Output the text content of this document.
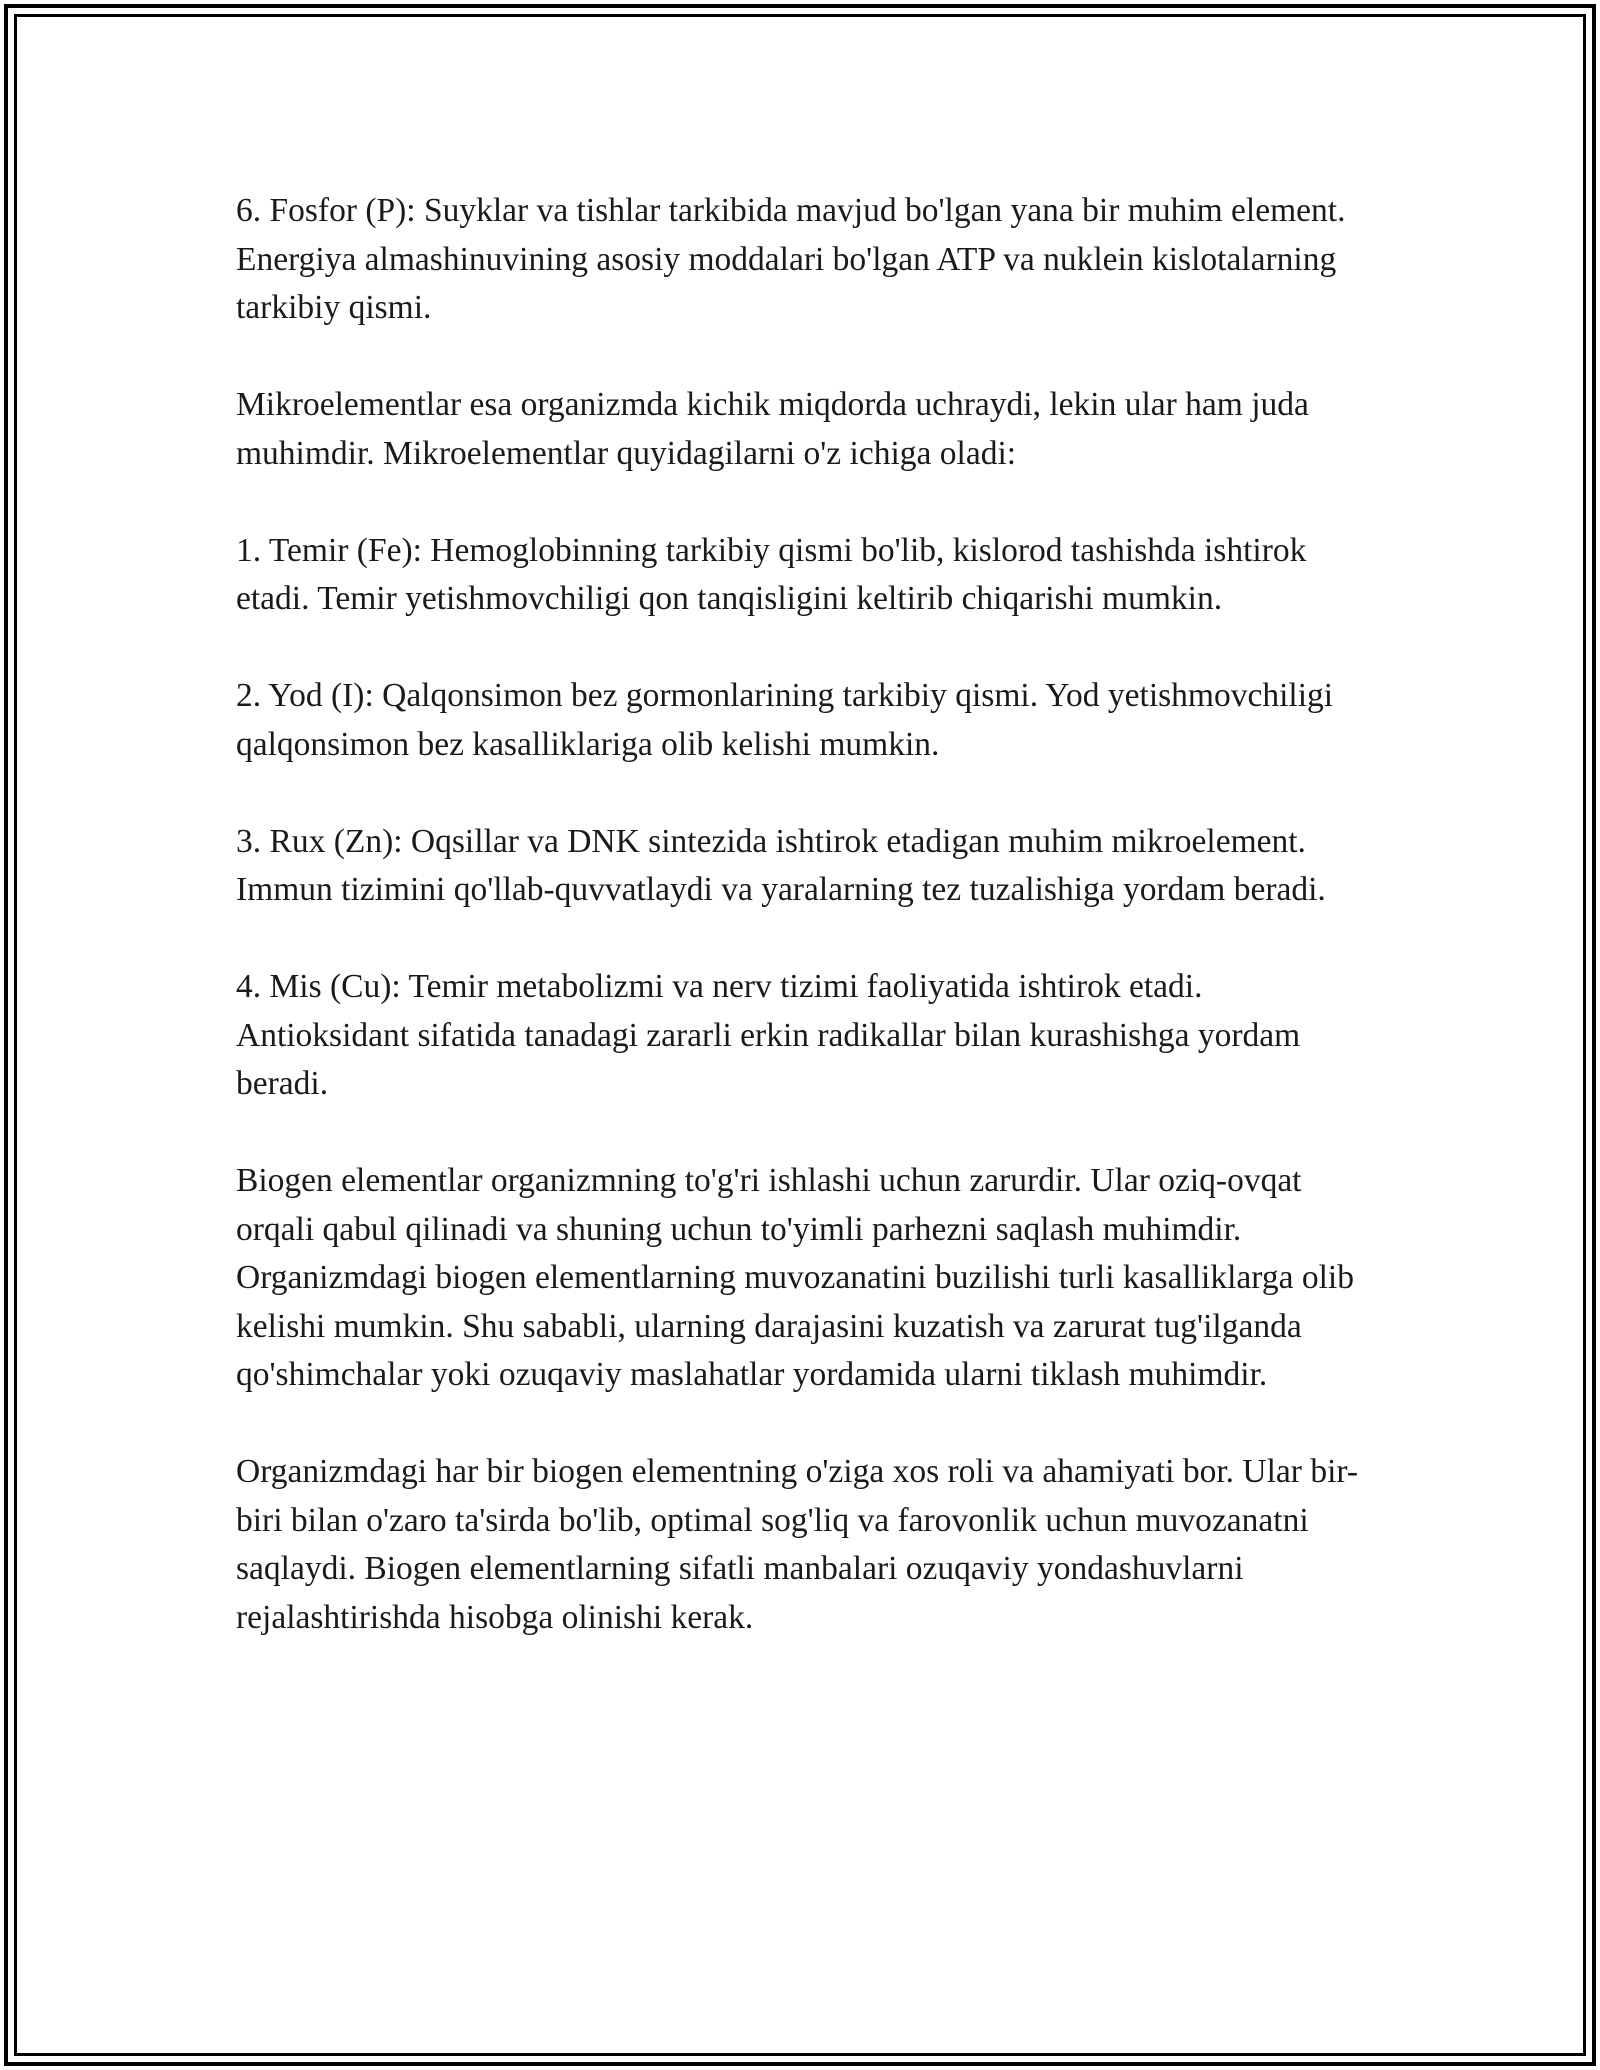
6. Fosfor (P): Suyklar va tishlar tarkibida mavjud bo'lgan yana bir muhim element. Energiya almashinuvining asosiy moddalari bo'lgan ATP va nuklein kislotalarning tarkibiy qismi.

Mikroelementlar esa organizmda kichik miqdorda uchraydi, lekin ular ham juda muhimdir. Mikroelementlar quyidagilarni o'z ichiga oladi:

1. Temir (Fe): Hemoglobinning tarkibiy qismi bo'lib, kislorod tashishda ishtirok etadi. Temir yetishmovchiligi qon tanqisligini keltirib chiqarishi mumkin.

2. Yod (I): Qalqonsimon bez gormonlarining tarkibiy qismi. Yod yetishmovchiligi qalqonsimon bez kasalliklariga olib kelishi mumkin.

3. Rux (Zn): Oqsillar va DNK sintezida ishtirok etadigan muhim mikroelement. Immun tizimini qo'llab-quvvatlaydi va yaralarning tez tuzalishiga yordam beradi.

4. Mis (Cu): Temir metabolizmi va nerv tizimi faoliyatida ishtirok etadi. Antioksidant sifatida tanadagi zararli erkin radikallar bilan kurashishga yordam beradi.

Biogen elementlar organizmning to'g'ri ishlashi uchun zarurdir. Ular oziq-ovqat orqali qabul qilinadi va shuning uchun to'yimli parhezni saqlash muhimdir. Organizmdagi biogen elementlarning muvozanatini buzilishi turli kasalliklarga olib kelishi mumkin. Shu sababli, ularning darajasini kuzatish va zarurat tug'ilganda qo'shimchalar yoki ozuqaviy maslahatlar yordamida ularni tiklash muhimdir.

Organizmdagi har bir biogen elementning o'ziga xos roli va ahamiyati bor. Ular bir-biri bilan o'zaro ta'sirda bo'lib, optimal sog'liq va farovonlik uchun muvozanatni saqlaydi. Biogen elementlarning sifatli manbalari ozuqaviy yondashuvlarni rejalashtirishda hisobga olinishi kerak.
